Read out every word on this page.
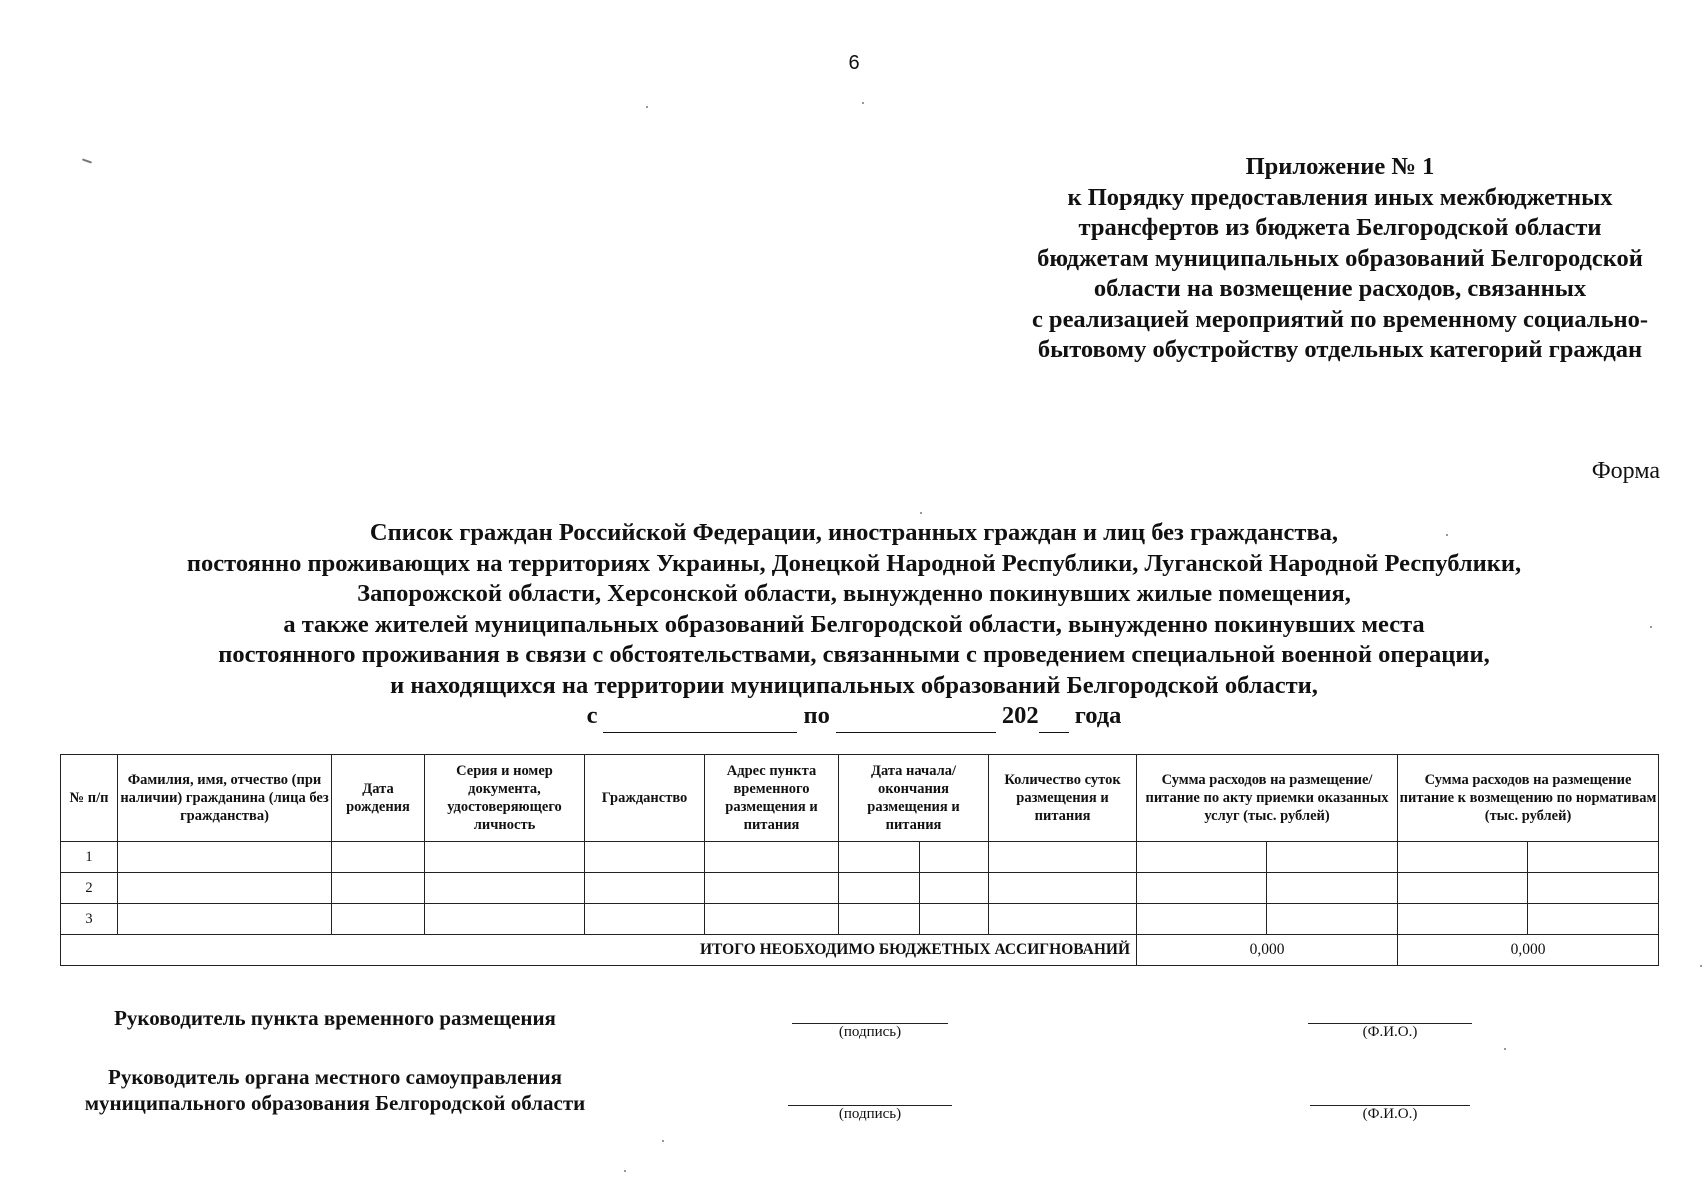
6
Приложение № 1
к Порядку предоставления иных межбюджетных
трансфертов из бюджета Белгородской области
бюджетам муниципальных образований Белгородской
области на возмещение расходов, связанных
с реализацией мероприятий по временному социально-
бытовому обустройству отдельных категорий граждан
Форма
Список граждан Российской Федерации, иностранных граждан и лиц без гражданства,
постоянно проживающих на территориях Украины, Донецкой Народной Республики, Луганской Народной Республики,
Запорожской области, Херсонской области, вынужденно покинувших жилые помещения,
а также жителей муниципальных образований Белгородской области, вынужденно покинувших места
постоянного проживания в связи с обстоятельствами, связанными с проведением специальной военной операции,
и находящихся на территории муниципальных образований Белгородской области,
с	по	202 года
№ п/п	Фамилия, имя, отчество (при наличии) гражданина (лица без гражданства)	Дата рождения	Серия и номер документа, удостоверяющего личность	Гражданство	Адрес пункта временного размещения и питания	Дата начала/окончания размещения и питания		Количество суток размещения и питания	Сумма расходов на размещение/ питание по акту приемки оказанных услуг (тыс. рублей)		Сумма расходов на размещение питание к возмещению по нормативам (тыс. рублей)	
1												
2												
3												
ИТОГО НЕОБХОДИМО БЮДЖЕТНЫХ АССИГНОВАНИЙ									0,000		0,000	
Руководитель пункта временного размещения
(подпись)	(Ф.И.О.)
Руководитель органа местного самоуправления
муниципального образования Белгородской области	(подпись)	(Ф.И.О.)
